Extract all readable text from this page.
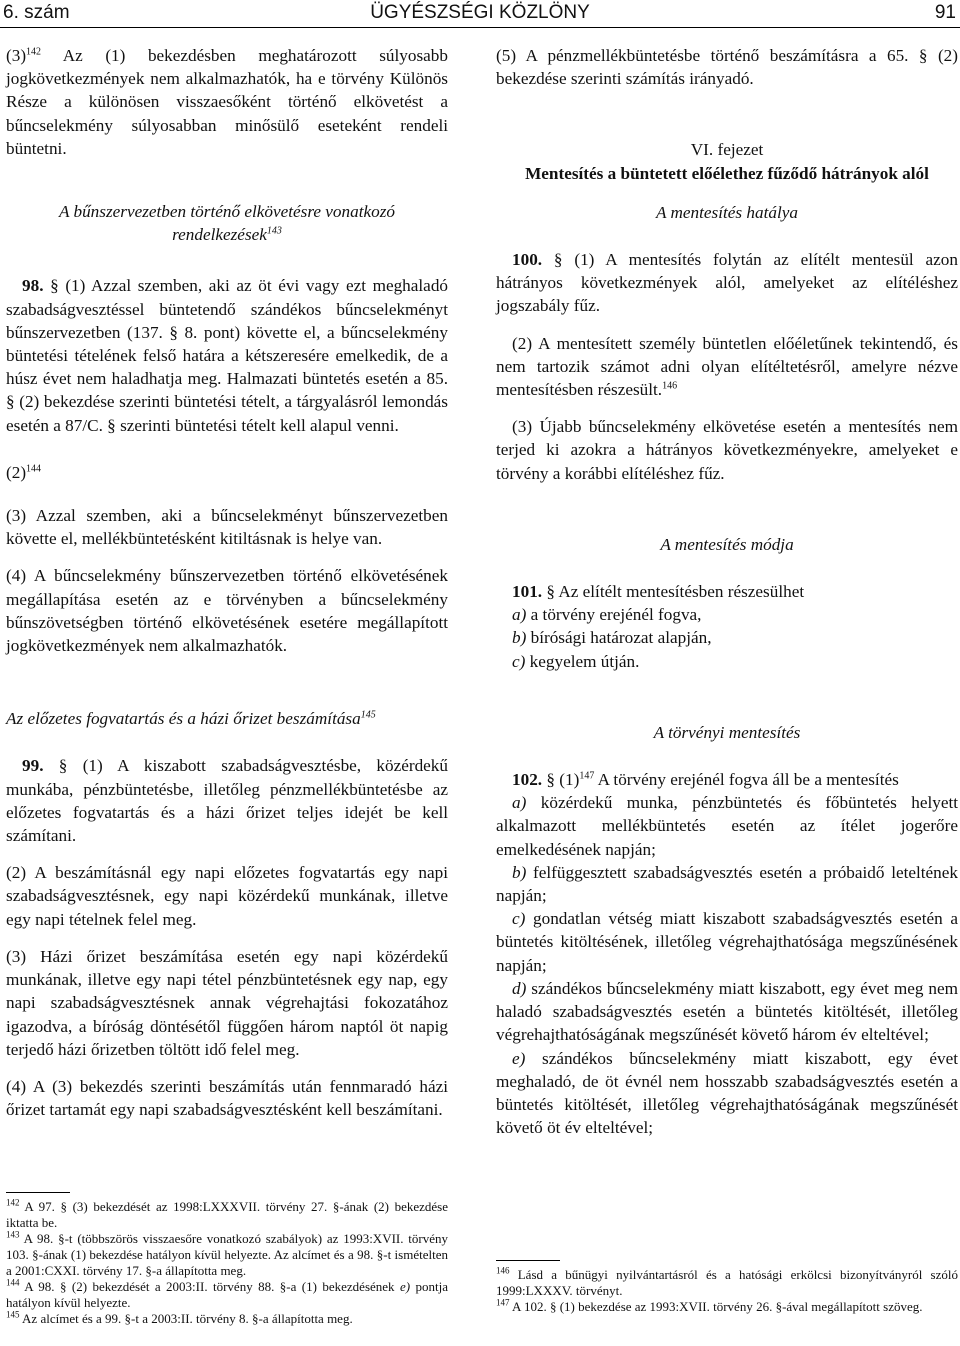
6. szám	ÜGYÉSZSÉGI KÖZLÖNY	91

$(3)^{142}$ Az (1) bekezdésben meghatározott súlyosabb jogkövetkezmények nem alkalmazhatók, ha e törvény Különös Része a különösen visszaesőként történő elkövetést a bűncselekmény súlyosabban minősülő eseteként rendeli büntetni.

A bűnszervezetben történő elkövetésre vonatkozó rendelkezések$^{143}$

98. § (1) Azzal szemben, aki az öt évi vagy ezt meghaladó szabadságvesztéssel büntetendő szándékos bűncselekményt bűnszervezetben (137. § 8. pont) követte el, a bűncselekmény büntetési tételének felső határa a kétszeresére emelkedik, de a húsz évet nem haladhatja meg. Halmazati büntetés esetén a 85. § (2) bekezdése szerinti büntetési tételt, a tárgyalásról lemondás esetén a 87/C. § szerinti büntetési tételt kell alapul venni.

$(2)^{144}$

(3) Azzal szemben, aki a bűncselekményt bűnszervezetben követte el, mellékbüntetésként kitiltásnak is helye van.

(4) A bűncselekmény bűnszervezetben történő elkövetésének megállapítása esetén az e törvényben a bűncselekmény bűnszövetségben történő elkövetésének esetére megállapított jogkövetkezmények nem alkalmazhatók.

Az előzetes fogvatartás és a házi őrizet beszámítása$^{145}$

99. § (1) A kiszabott szabadságvesztésbe, közérdekű munkába, pénzbüntetésbe, illetőleg pénzmellékbüntetésbe az előzetes fogvatartás és a házi őrizet teljes idejét be kell számítani.

(2) A beszámításnál egy napi előzetes fogvatartás egy napi szabadságvesztésnek, egy napi közérdekű munkának, illetve egy napi tételnek felel meg.

(3) Házi őrizet beszámítása esetén egy napi közérdekű munkának, illetve egy napi tétel pénzbüntetésnek egy nap, egy napi szabadságvesztésnek annak végrehajtási fokozatához igazodva, a bíróság döntésétől függően három naptól öt napig terjedő házi őrizetben töltött idő felel meg.

(4) A (3) bekezdés szerinti beszámítás után fennmaradó házi őrizet tartamát egy napi szabadságvesztésként kell beszámítani.

$^{142}$ A 97. § (3) bekezdését az 1998:LXXXVII. törvény 27. §-ának (2) bekezdése iktatta be.

$^{143}$ A 98. §-t (többszörös visszaesőre vonatkozó szabályok) az 1993:XVII. törvény 103. §-ának (1) bekezdése hatályon kívül helyezte. Az alcímet és a 98. §-t ismételten a 2001:CXXI. törvény 17. §-a állapította meg.

$^{144}$ A 98. § (2) bekezdését a 2003:II. törvény 88. §-a (1) bekezdésének e) pontja hatályon kívül helyezte.

$^{145}$ Az alcímet és a 99. §-t a 2003:II. törvény 8. §-a állapította meg.

(5) A pénzmellékbüntetésbe történő beszámításra a 65. § (2) bekezdése szerinti számítás irányadó.

VI. fejezet

Mentesítés a büntetett előélethez fűződő hátrányok alól

A mentesítés hatálya

100. § (1) A mentesítés folytán az elítélt mentesül azon hátrányos következmények alól, amelyeket az elítéléshez jogszabály fűz.

(2) A mentesített személy büntetlen előéletűnek tekintendő, és nem tartozik számot adni olyan elítéltetésről, amelyre nézve mentesítésben részesült.$^{146}$

(3) Újabb bűncselekmény elkövetése esetén a mentesítés nem terjed ki azokra a hátrányos következményekre, amelyeket e törvény a korábbi elítéléshez fűz.

A mentesítés módja

101. § Az elítélt mentesítésben részesülhet

a) a törvény erejénél fogva,

b) bírósági határozat alapján,

c) kegyelem útján.

A törvényi mentesítés

102. § $(1)^{147}$ A törvény erejénél fogva áll be a mentesítés

a) közérdekű munka, pénzbüntetés és főbüntetés helyett alkalmazott mellékbüntetés esetén az ítélet jogerőre emelkedésének napján;

b) felfüggesztett szabadságvesztés esetén a próbaidő leteltének napján;

c) gondatlan vétség miatt kiszabott szabadságvesztés esetén a büntetés kitöltésének, illetőleg végrehajthatósága megszűnésének napján;

d) szándékos bűncselekmény miatt kiszabott, egy évet meg nem haladó szabadságvesztés esetén a büntetés kitöltését, illetőleg végrehajthatóságának megszűnését követő három év elteltével;

e) szándékos bűncselekmény miatt kiszabott, egy évet meghaladó, de öt évnél nem hosszabb szabadságvesztés esetén a büntetés kitöltését, illetőleg végrehajthatóságának megszűnését követő öt év elteltével;

$^{146}$ Lásd a bűnügyi nyilvántartásról és a hatósági erkölcsi bizonyítványról szóló 1999:LXXXV. törvényt.

$^{147}$ A 102. § (1) bekezdése az 1993:XVII. törvény 26. §-ával megállapított szöveg.
